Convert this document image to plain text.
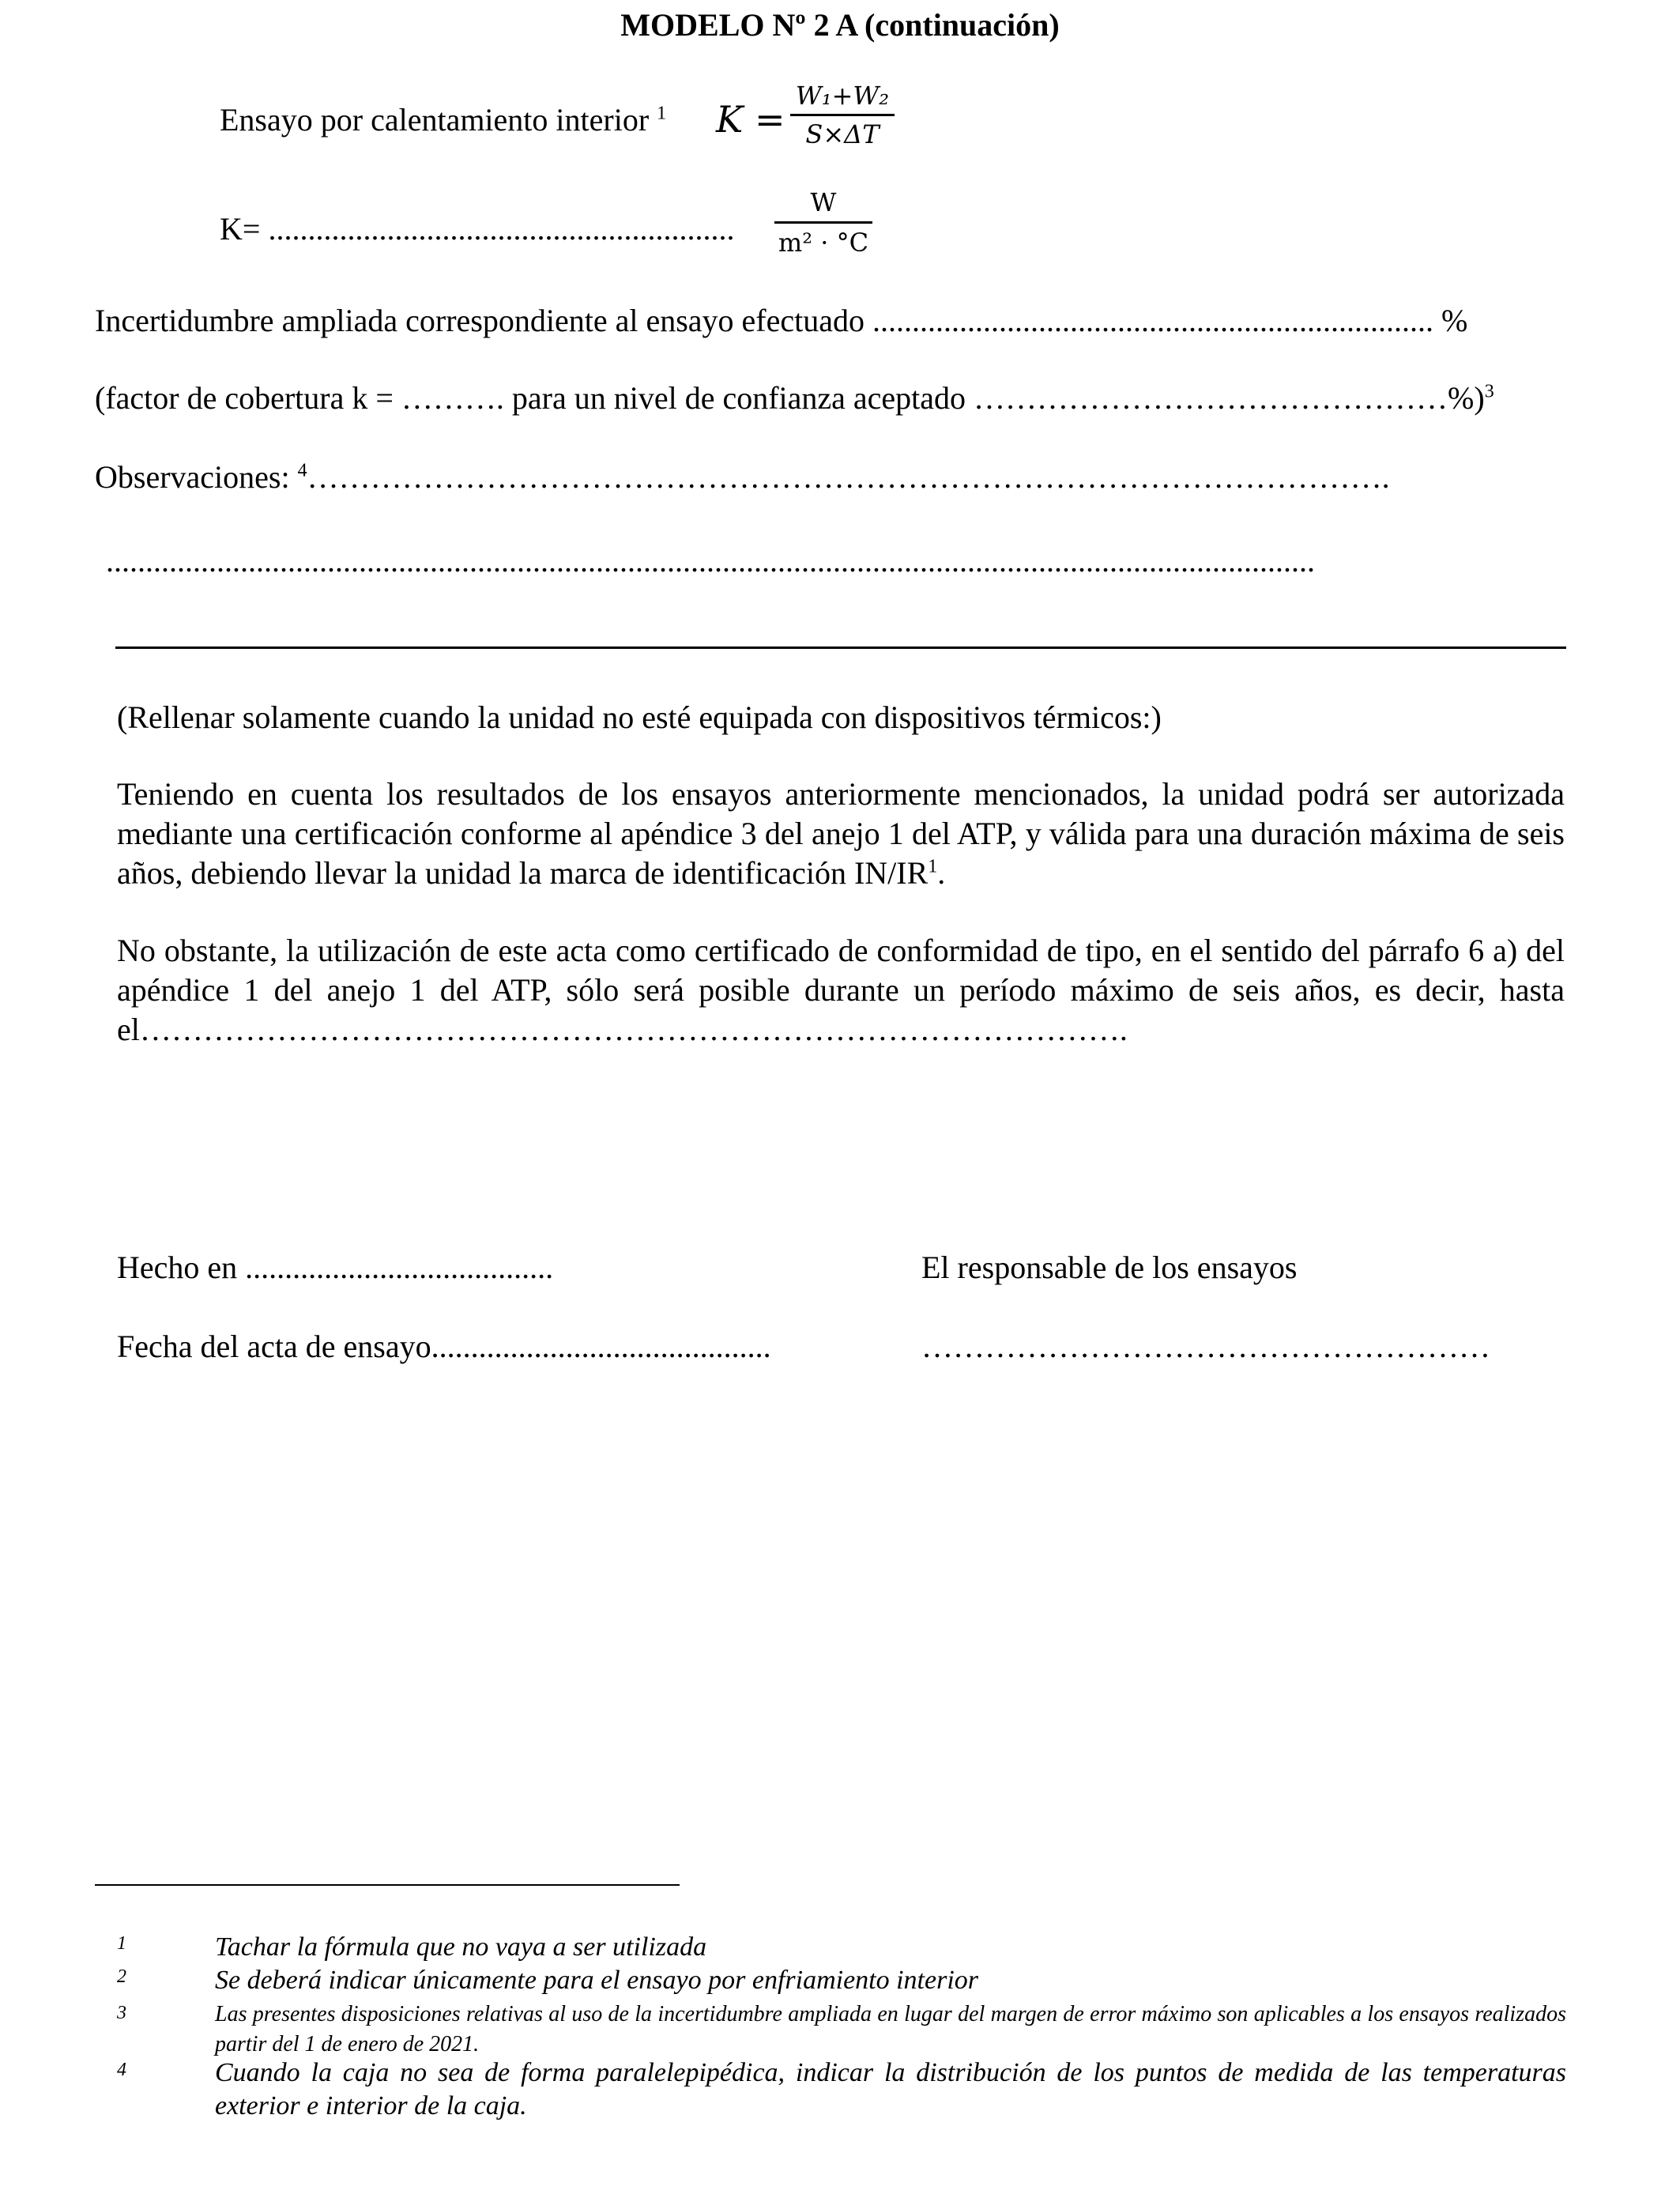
MODELO Nº 2 A (continuación)
Ensayo por calentamiento interior $^1$ K =
W₁+W₂
S×ΔT
K= ...........................................................
W
m² · °C
Incertidumbre ampliada correspondiente al ensayo efectuado ....................................................................... %
(factor de cobertura k = ………. para un nivel de confianza aceptado ………………………………………%)$^3$
Observaciones: $^4$………………………………………………………………………………………….
.........................................................................................................................................................
(Rellenar solamente cuando la unidad no esté equipada con dispositivos térmicos:)
Teniendo en cuenta los resultados de los ensayos anteriormente mencionados, la unidad podrá ser autorizada mediante una certificación conforme al apéndice 3 del anejo 1 del ATP, y válida para una duración máxima de seis años, debiendo llevar la unidad la marca de identificación $IN/IR^1$.
No obstante, la utilización de este acta como certificado de conformidad de tipo, en el sentido del párrafo 6 a) del apéndice 1 del anejo 1 del ATP, sólo será posible durante un período máximo de seis años, es decir, hasta el………………………………………………………………………………….
Hecho en .......................................	El responsable de los ensayos
Fecha del acta de ensayo...........................................	………………………………………………
1	Tachar la fórmula que no vaya a ser utilizada
2	Se deberá indicar únicamente para el ensayo por enfriamiento interior
3	Las presentes disposiciones relativas al uso de la incertidumbre ampliada en lugar del margen de error máximo son aplicables a los ensayos realizados partir del 1 de enero de 2021.
4	Cuando la caja no sea de forma paralelepipédica, indicar la distribución de los puntos de medida de las temperaturas exterior e interior de la caja.
